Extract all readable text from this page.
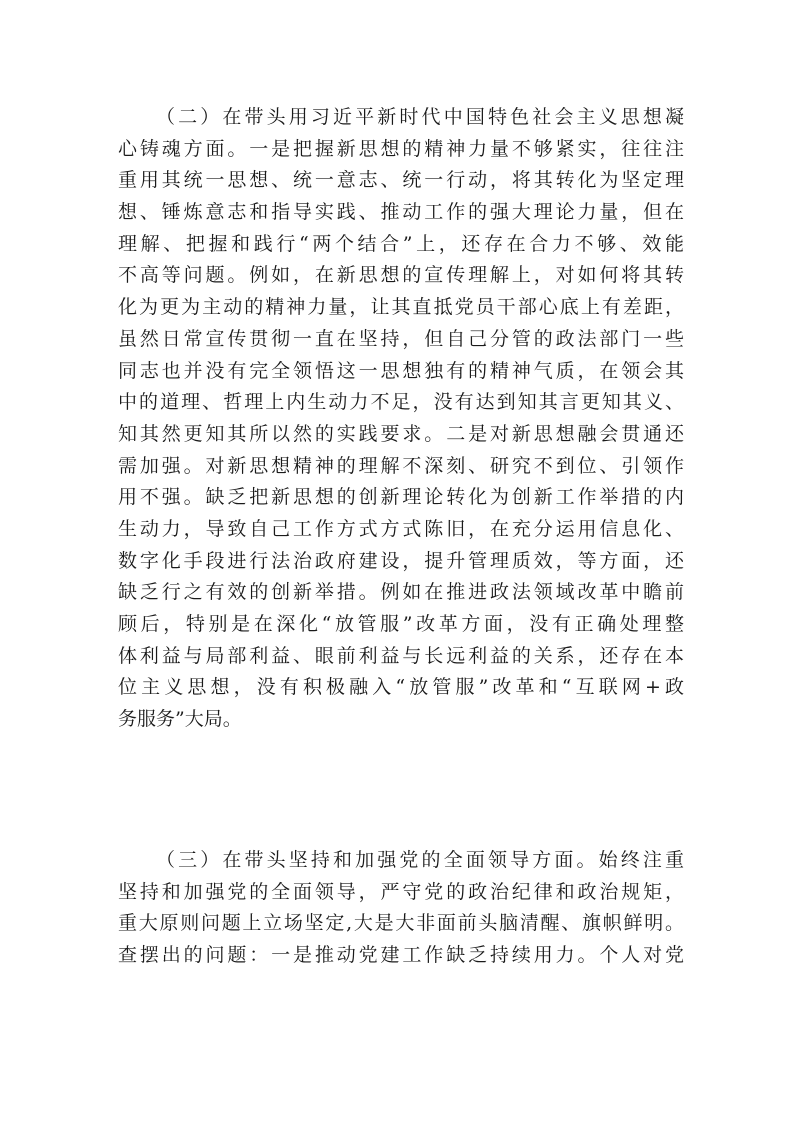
（二）在带头用习近平新时代中国特色社会主义思想凝
心铸魂方面。一是把握新思想的精神力量不够紧实，往往注
重用其统一思想、统一意志、统一行动，将其转化为坚定理
想、锤炼意志和指导实践、推动工作的强大理论力量，但在
理解、把握和践行“两个结合”上，还存在合力不够、效能
不高等问题。例如，在新思想的宣传理解上，对如何将其转
化为更为主动的精神力量，让其直抵党员干部心底上有差距，
虽然日常宣传贯彻一直在坚持，但自己分管的政法部门一些
同志也并没有完全领悟这一思想独有的精神气质，在领会其
中的道理、哲理上内生动力不足，没有达到知其言更知其义、
知其然更知其所以然的实践要求。二是对新思想融会贯通还
需加强。对新思想精神的理解不深刻、研究不到位、引领作
用不强。缺乏把新思想的创新理论转化为创新工作举措的内
生动力，导致自己工作方式方式陈旧，在充分运用信息化、
数字化手段进行法治政府建设，提升管理质效，等方面，还
缺乏行之有效的创新举措。例如在推进政法领域改革中瞻前
顾后，特别是在深化“放管服”改革方面，没有正确处理整
体利益与局部利益、眼前利益与长远利益的关系，还存在本
位主义思想，没有积极融入“放管服”改革和“互联网+政
务服务”大局。
（三）在带头坚持和加强党的全面领导方面。始终注重
坚持和加强党的全面领导，严守党的政治纪律和政治规矩，
重大原则问题上立场坚定,大是大非面前头脑清醒、旗帜鲜明。
查摆出的问题：一是推动党建工作缺乏持续用力。个人对党
